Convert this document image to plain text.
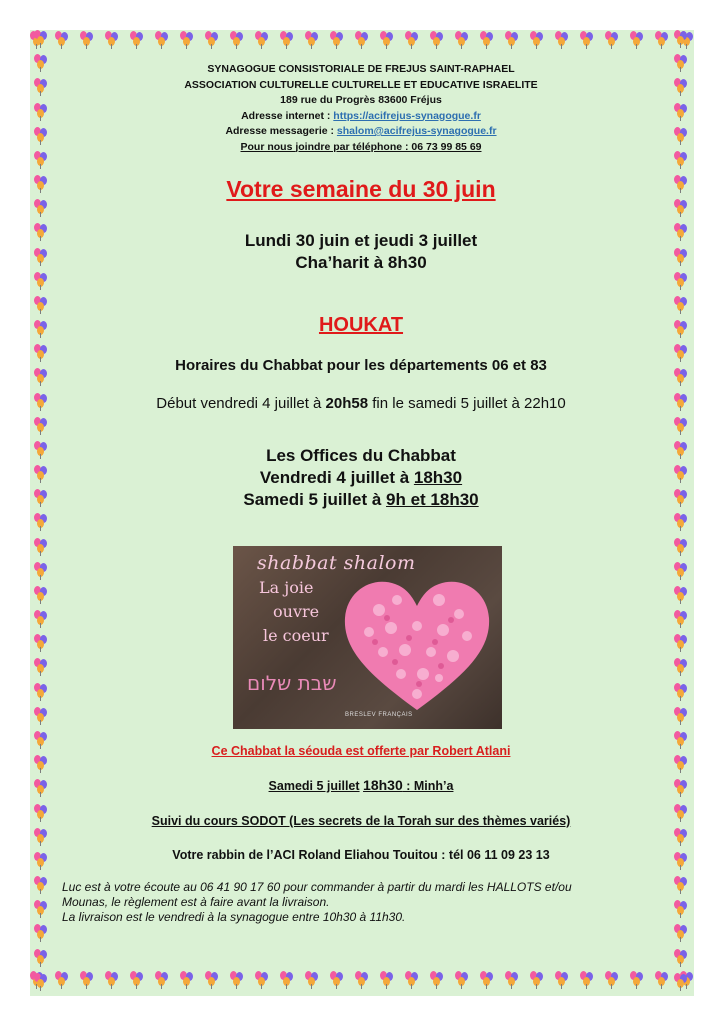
SYNAGOGUE CONSISTORIALE DE FREJUS SAINT-RAPHAEL
ASSOCIATION CULTURELLE CULTURELLE ET EDUCATIVE ISRAELITE
189 rue du Progrès 83600 Fréjus
Adresse internet : https://acifrejus-synagogue.fr
Adresse messagerie : shalom@acifrejus-synagogue.fr
Pour nous joindre par téléphone : 06 73 99 85 69
Votre semaine du 30 juin
Lundi 30 juin et jeudi 3 juillet
Cha’harit à 8h30
HOUKAT
Horaires du Chabbat pour les départements 06 et 83
Début vendredi 4 juillet à 20h58 fin le samedi 5 juillet à 22h10
Les Offices du Chabbat
Vendredi 4 juillet à 18h30
Samedi 5 juillet à 9h et 18h30
shabbat shalom
La joie
ouvre
le coeur
שבת שלום
BRESLEV FRANÇAIS
Ce Chabbat la séouda est offerte par Robert Atlani
Samedi 5 juillet 18h30 : Minh’a
Suivi du cours SODOT (Les secrets de la Torah sur des thèmes variés)
Votre rabbin de l’ACI Roland Eliahou Touitou : tél 06 11 09 23 13
Luc est à votre écoute au 06 41 90 17 60 pour commander à partir du mardi les HALLOTS et/ou
Mounas, le règlement est à faire avant la livraison.
La livraison est le vendredi à la synagogue entre 10h30 à 11h30.
